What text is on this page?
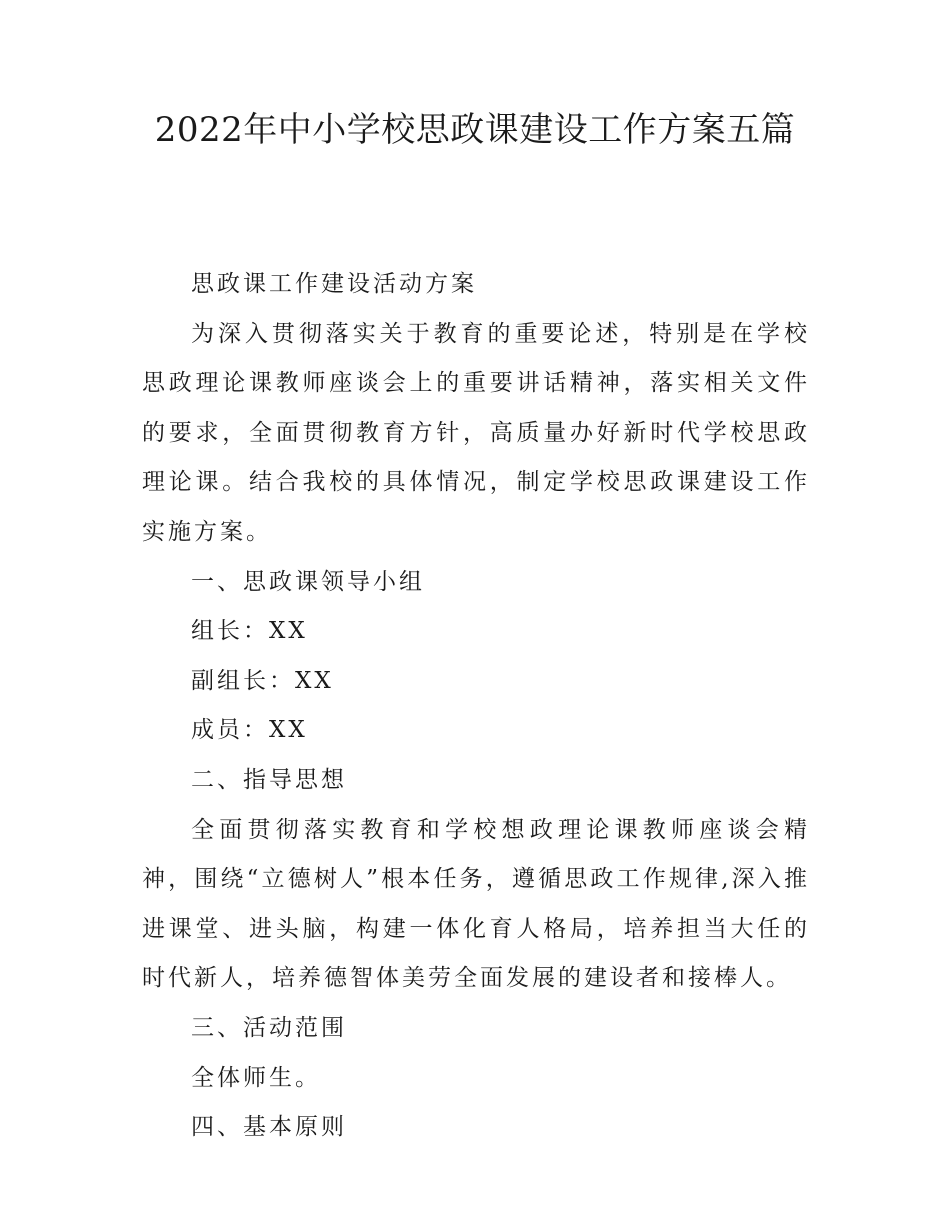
2022年中小学校思政课建设工作方案五篇

思政课工作建设活动方案

为深入贯彻落实关于教育的重要论述，特别是在学校思政理论课教师座谈会上的重要讲话精神，落实相关文件的要求，全面贯彻教育方针，高质量办好新时代学校思政理论课。结合我校的具体情况，制定学校思政课建设工作实施方案。

一、思政课领导小组

组长：XX

副组长：XX

成员：XX

二、指导思想

全面贯彻落实教育和学校想政理论课教师座谈会精神，围绕“立德树人”根本任务，遵循思政工作规律,深入推进课堂、进头脑，构建一体化育人格局，培养担当大任的时代新人，培养德智体美劳全面发展的建设者和接棒人。

三、活动范围

全体师生。

四、基本原则
